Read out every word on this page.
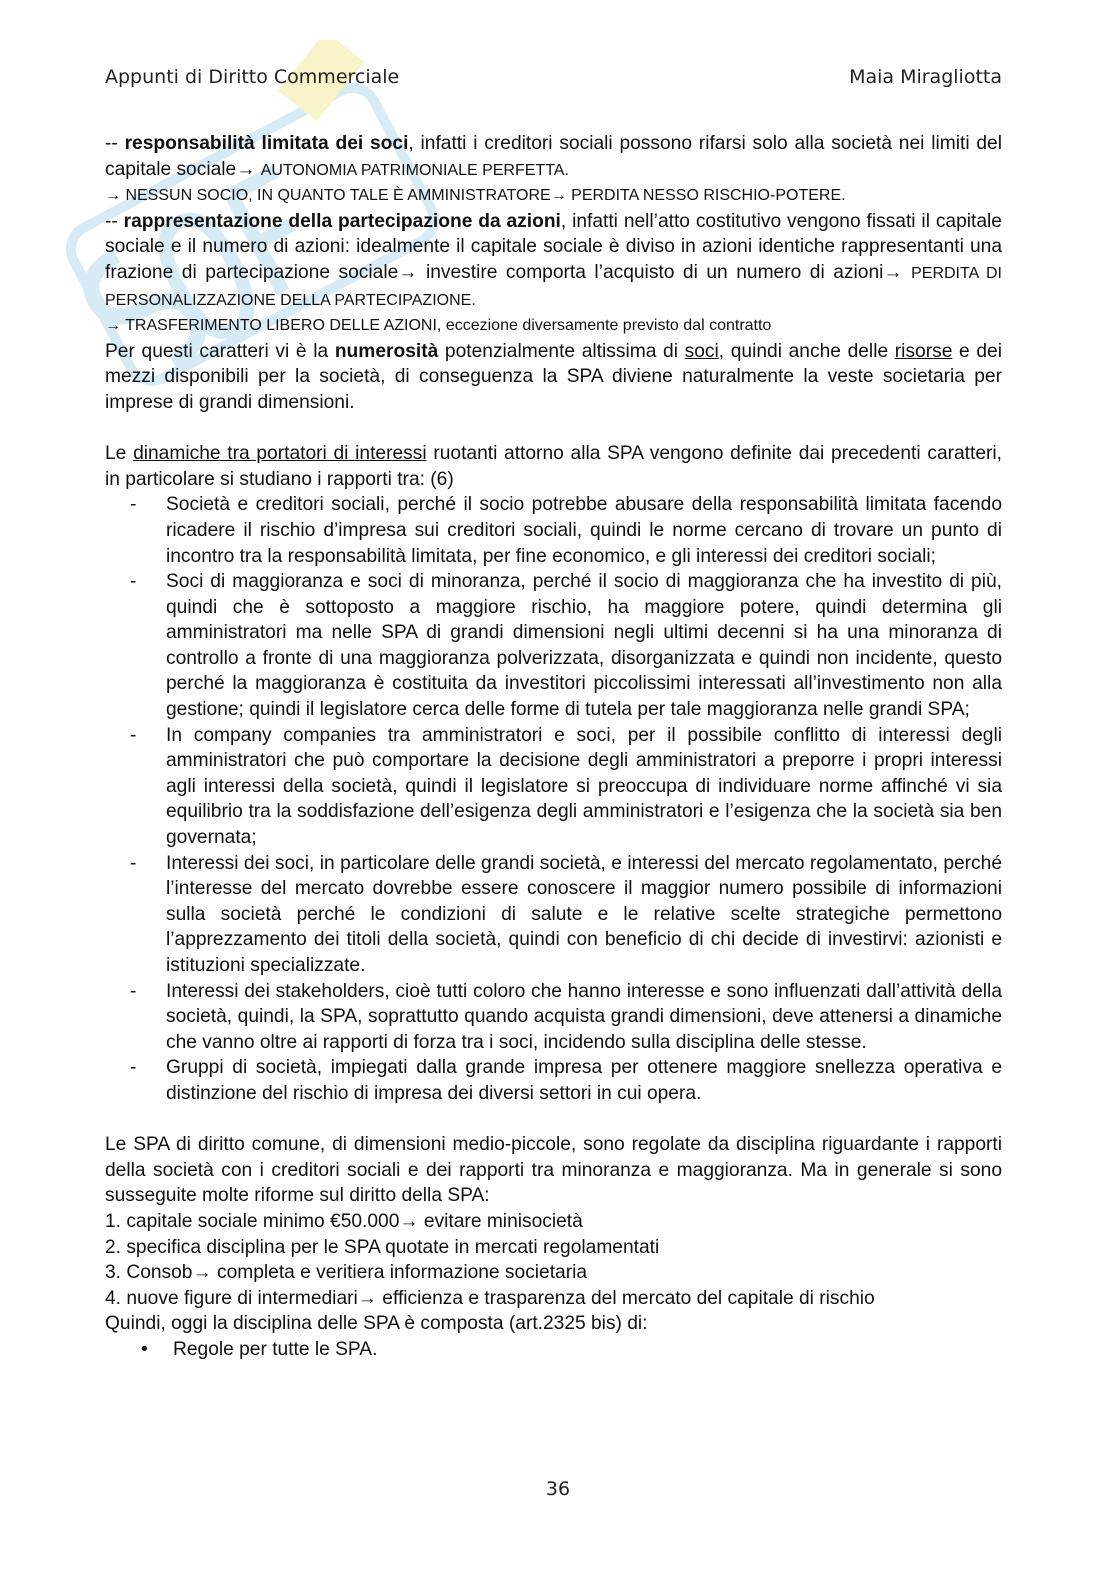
Appunti di Diritto Commerciale	Maia Miragliotta

-- responsabilità limitata dei soci, infatti i creditori sociali possono rifarsi solo alla società nei limiti del capitale sociale→ AUTONOMIA PATRIMONIALE PERFETTA.

→ NESSUN SOCIO, IN QUANTO TALE È AMMINISTRATORE→ PERDITA NESSO RISCHIO-POTERE.

-- rappresentazione della partecipazione da azioni, infatti nell’atto costitutivo vengono fissati il capitale sociale e il numero di azioni: idealmente il capitale sociale è diviso in azioni identiche rappresentanti una frazione di partecipazione sociale→ investire comporta l’acquisto di un numero di azioni→ PERDITA DI PERSONALIZZAZIONE DELLA PARTECIPAZIONE.

→ TRASFERIMENTO LIBERO DELLE AZIONI, eccezione diversamente previsto dal contratto

Per questi caratteri vi è la numerosità potenzialmente altissima di soci, quindi anche delle risorse e dei mezzi disponibili per la società, di conseguenza la SPA diviene naturalmente la veste societaria per imprese di grandi dimensioni.

Le dinamiche tra portatori di interessi ruotanti attorno alla SPA vengono definite dai precedenti caratteri, in particolare si studiano i rapporti tra: (6)

- Società e creditori sociali, perché il socio potrebbe abusare della responsabilità limitata facendo ricadere il rischio d’impresa sui creditori sociali, quindi le norme cercano di trovare un punto di incontro tra la responsabilità limitata, per fine economico, e gli interessi dei creditori sociali;
- Soci di maggioranza e soci di minoranza, perché il socio di maggioranza che ha investito di più, quindi che è sottoposto a maggiore rischio, ha maggiore potere, quindi determina gli amministratori ma nelle SPA di grandi dimensioni negli ultimi decenni si ha una minoranza di controllo a fronte di una maggioranza polverizzata, disorganizzata e quindi non incidente, questo perché la maggioranza è costituita da investitori piccolissimi interessati all’investimento non alla gestione; quindi il legislatore cerca delle forme di tutela per tale maggioranza nelle grandi SPA;
- In company companies tra amministratori e soci, per il possibile conflitto di interessi degli amministratori che può comportare la decisione degli amministratori a preporre i propri interessi agli interessi della società, quindi il legislatore si preoccupa di individuare norme affinché vi sia equilibrio tra la soddisfazione dell’esigenza degli amministratori e l’esigenza che la società sia ben governata;
- Interessi dei soci, in particolare delle grandi società, e interessi del mercato regolamentato, perché l’interesse del mercato dovrebbe essere conoscere il maggior numero possibile di informazioni sulla società perché le condizioni di salute e le relative scelte strategiche permettono l’apprezzamento dei titoli della società, quindi con beneficio di chi decide di investirvi: azionisti e istituzioni specializzate.
- Interessi dei stakeholders, cioè tutti coloro che hanno interesse e sono influenzati dall’attività della società, quindi, la SPA, soprattutto quando acquista grandi dimensioni, deve attenersi a dinamiche che vanno oltre ai rapporti di forza tra i soci, incidendo sulla disciplina delle stesse.
- Gruppi di società, impiegati dalla grande impresa per ottenere maggiore snellezza operativa e distinzione del rischio di impresa dei diversi settori in cui opera.

Le SPA di diritto comune, di dimensioni medio-piccole, sono regolate da disciplina riguardante i rapporti della società con i creditori sociali e dei rapporti tra minoranza e maggioranza. Ma in generale si sono susseguite molte riforme sul diritto della SPA:

1. capitale sociale minimo €50.000→ evitare minisocietà
2. specifica disciplina per le SPA quotate in mercati regolamentati
3. Consob→ completa e veritiera informazione societaria
4. nuove figure di intermediari→ efficienza e trasparenza del mercato del capitale di rischio

Quindi, oggi la disciplina delle SPA è composta (art.2325 bis) di:

• Regole per tutte le SPA.
36
